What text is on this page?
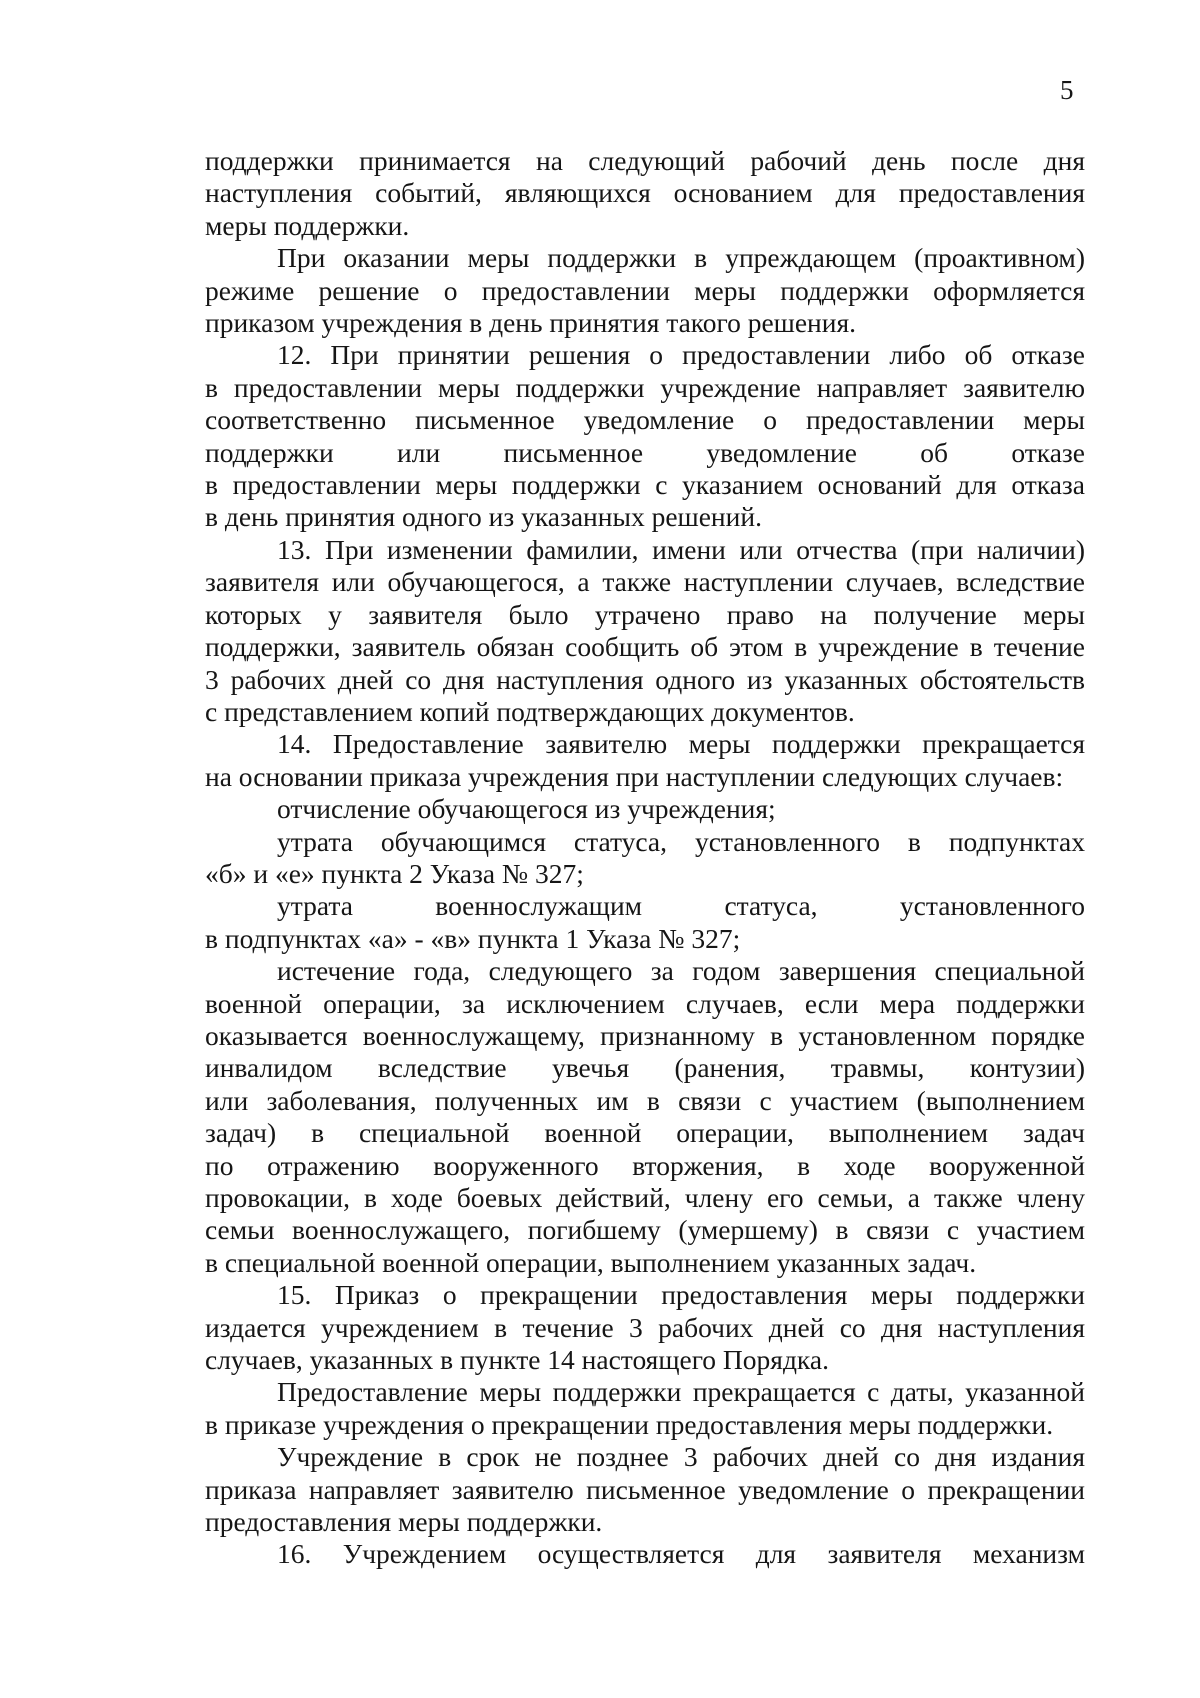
5
поддержки принимается на следующий рабочий день после дня
наступления событий, являющихся основанием для предоставления
меры поддержки.
При оказании меры поддержки в упреждающем (проактивном)
режиме решение о предоставлении меры поддержки оформляется
приказом учреждения в день принятия такого решения.
12. При принятии решения о предоставлении либо об отказе
в предоставлении меры поддержки учреждение направляет заявителю
соответственно письменное уведомление о предоставлении меры
поддержки или письменное уведомление об отказе
в предоставлении меры поддержки с указанием оснований для отказа
в день принятия одного из указанных решений.
13. При изменении фамилии, имени или отчества (при наличии)
заявителя или обучающегося, а также наступлении случаев, вследствие
которых у заявителя было утрачено право на получение меры
поддержки, заявитель обязан сообщить об этом в учреждение в течение
3 рабочих дней со дня наступления одного из указанных обстоятельств
с представлением копий подтверждающих документов.
14. Предоставление заявителю меры поддержки прекращается
на основании приказа учреждения при наступлении следующих случаев:
отчисление обучающегося из учреждения;
утрата обучающимся статуса, установленного в подпунктах
«б» и «е» пункта 2 Указа № 327;
утрата военнослужащим статуса, установленного
в подпунктах «а» - «в» пункта 1 Указа № 327;
истечение года, следующего за годом завершения специальной
военной операции, за исключением случаев, если мера поддержки
оказывается военнослужащему, признанному в установленном порядке
инвалидом вследствие увечья (ранения, травмы, контузии)
или заболевания, полученных им в связи с участием (выполнением
задач) в специальной военной операции, выполнением задач
по отражению вооруженного вторжения, в ходе вооруженной
провокации, в ходе боевых действий, члену его семьи, а также члену
семьи военнослужащего, погибшему (умершему) в связи с участием
в специальной военной операции, выполнением указанных задач.
15. Приказ о прекращении предоставления меры поддержки
издается учреждением в течение 3 рабочих дней со дня наступления
случаев, указанных в пункте 14 настоящего Порядка.
Предоставление меры поддержки прекращается с даты, указанной
в приказе учреждения о прекращении предоставления меры поддержки.
Учреждение в срок не позднее 3 рабочих дней со дня издания
приказа направляет заявителю письменное уведомление о прекращении
предоставления меры поддержки.
16. Учреждением осуществляется для заявителя механизм
